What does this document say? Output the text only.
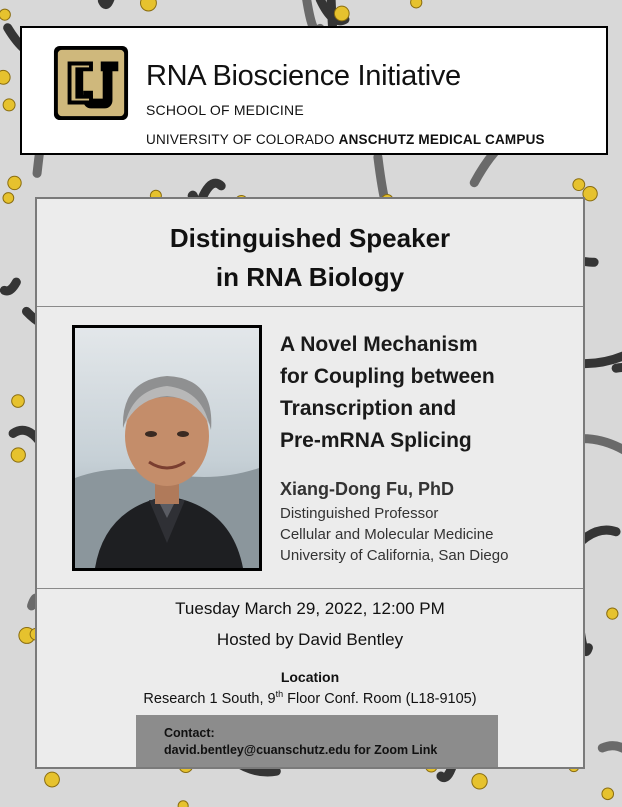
RNA Bioscience Initiative
SCHOOL OF MEDICINE
UNIVERSITY OF COLORADO ANSCHUTZ MEDICAL CAMPUS
Distinguished Speaker
in RNA Biology
A Novel Mechanism
for Coupling between
Transcription and
Pre-mRNA Splicing
Xiang-Dong Fu, PhD
Distinguished Professor
Cellular and Molecular Medicine
University of California, San Diego
Tuesday March 29, 2022, 12:00 PM
Hosted by David Bentley
Location
Research 1 South, 9th Floor Conf. Room (L18-9105)
Contact:
david.bentley@cuanschutz.edu for Zoom Link
